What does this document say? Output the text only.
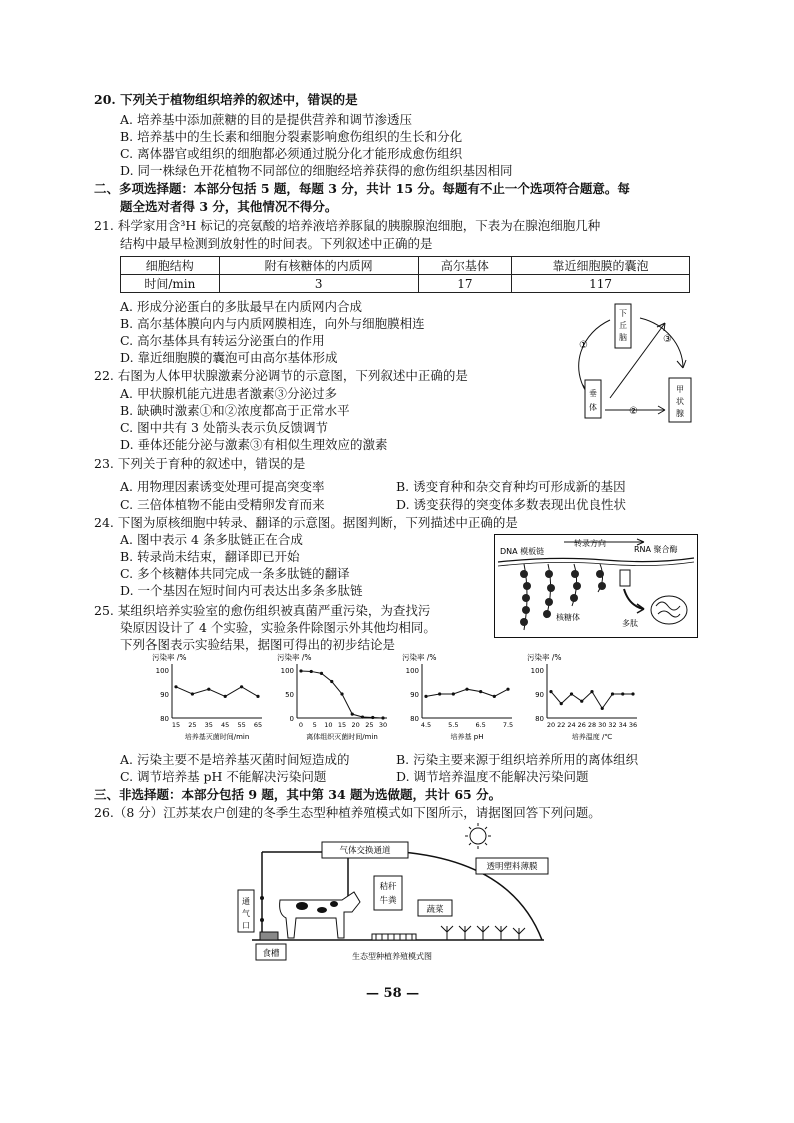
20. 下列关于植物组织培养的叙述中，错误的是
A. 培养基中添加蔗糖的目的是提供营养和调节渗透压
B. 培养基中的生长素和细胞分裂素影响愈伤组织的生长和分化
C. 离体器官或组织的细胞都必须通过脱分化才能形成愈伤组织
D. 同一株绿色开花植物不同部位的细胞经培养获得的愈伤组织基因相同
二、多项选择题：本部分包括 5 题，每题 3 分，共计 15 分。每题有不止一个选项符合题意。每
题全选对者得 3 分，其他情况不得分。
21. 科学家用含³H 标记的亮氨酸的培养液培养豚鼠的胰腺腺泡细胞，下表为在腺泡细胞几种
结构中最早检测到放射性的时间表。下列叙述中正确的是
细胞结构	附有核糖体的内质网	高尔基体	靠近细胞膜的囊泡
时间/min	3	17	117
A. 形成分泌蛋白的多肽最早在内质网内合成
B. 高尔基体膜向内与内质网膜相连，向外与细胞膜相连
C. 高尔基体具有转运分泌蛋白的作用
D. 靠近细胞膜的囊泡可由高尔基体形成
22. 右图为人体甲状腺激素分泌调节的示意图，下列叙述中正确的是
A. 甲状腺机能亢进患者激素③分泌过多
B. 缺碘时激素①和②浓度都高于正常水平
C. 图中共有 3 处箭头表示负反馈调节
D. 垂体还能分泌与激素③有相似生理效应的激素
下
丘
脑
垂
体
甲
状
腺
①
②
③
23. 下列关于育种的叙述中，错误的是
A. 用物理因素诱变处理可提高突变率	B. 诱变育种和杂交育种均可形成新的基因
C. 三倍体植物不能由受精卵发育而来	D. 诱变获得的突变体多数表现出优良性状
24. 下图为原核细胞中转录、翻译的示意图。据图判断，下列描述中正确的是
A. 图中表示 4 条多肽链正在合成
B. 转录尚未结束，翻译即已开始
C. 多个核糖体共同完成一条多肽链的翻译
D. 一个基因在短时间内可表达出多条多肽链
转录方向
DNA 模板链	RNA 聚合酶
核糖体
多肽
25. 某组织培养实验室的愈伤组织被真菌严重污染，为查找污
染原因设计了 4 个实验，实验条件除图示外其他均相同。
下列各图表示实验结果，据图可得出的初步结论是
污染率 /%
100
90
80
15 25 35 45 55 65
培养基灭菌时间/min
污染率 /%
100
50
0
0 5 10 15 20 25 30
离体组织灭菌时间/min
污染率 /%
100
90
80
4.5	5.5	6.5	7.5
培养基 pH
污染率 /%
100
90
80
20 22 24 26 28 30 32 34 36
培养温度 /℃
A. 污染主要不是培养基灭菌时间短造成的	B. 污染主要来源于组织培养所用的离体组织
C. 调节培养基 pH 不能解决污染问题	D. 调节培养温度不能解决污染问题
三、非选择题：本部分包括 9 题，其中第 34 题为选做题，共计 65 分。
26.（8 分）江苏某农户创建的冬季生态型种植养殖模式如下图所示，请据图回答下列问题。
通
气
口
气体交换通道
透明塑料薄膜
秸秆
牛粪
蔬菜
食槽	生态型种植养殖模式图
— 58 —
